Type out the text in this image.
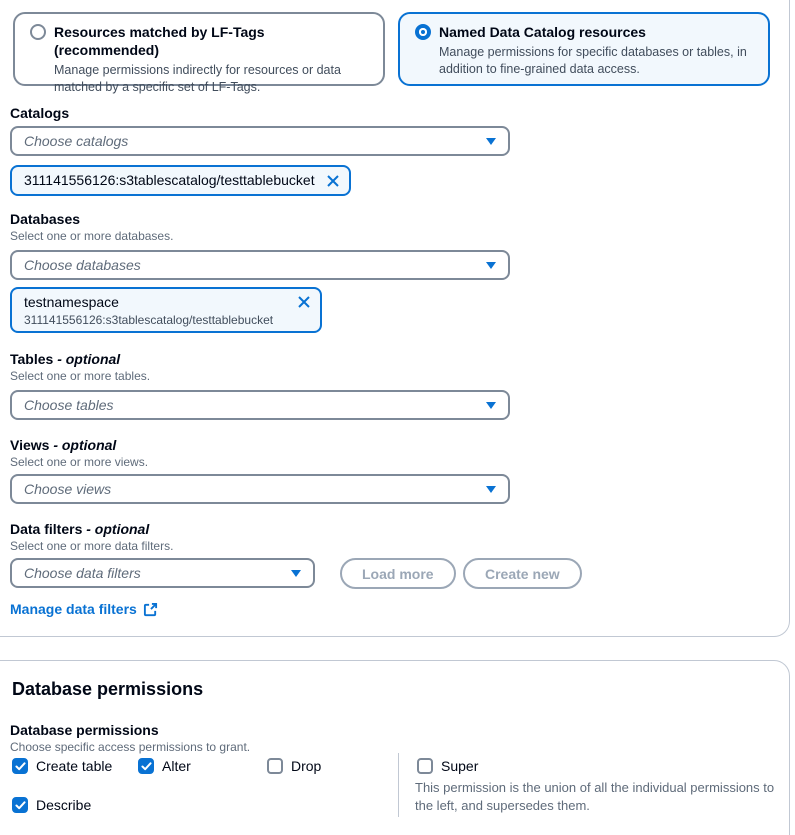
Resources matched by LF-Tags (recommended)
Manage permissions indirectly for resources or data matched by a specific set of LF-Tags.
Named Data Catalog resources
Manage permissions for specific databases or tables, in addition to fine-grained data access.
Catalogs
Choose catalogs
311141556126:s3tablescatalog/testtablebucket
Databases
Select one or more databases.
Choose databases
testnamespace
311141556126:s3tablescatalog/testtablebucket
Tables - optional
Select one or more tables.
Choose tables
Views - optional
Select one or more views.
Choose views
Data filters - optional
Select one or more data filters.
Choose data filters	Load more	Create new
Manage data filters
Database permissions
Database permissions
Choose specific access permissions to grant.
Create table	Alter	Drop
Describe
Super
This permission is the union of all the individual permissions to the left, and supersedes them.
